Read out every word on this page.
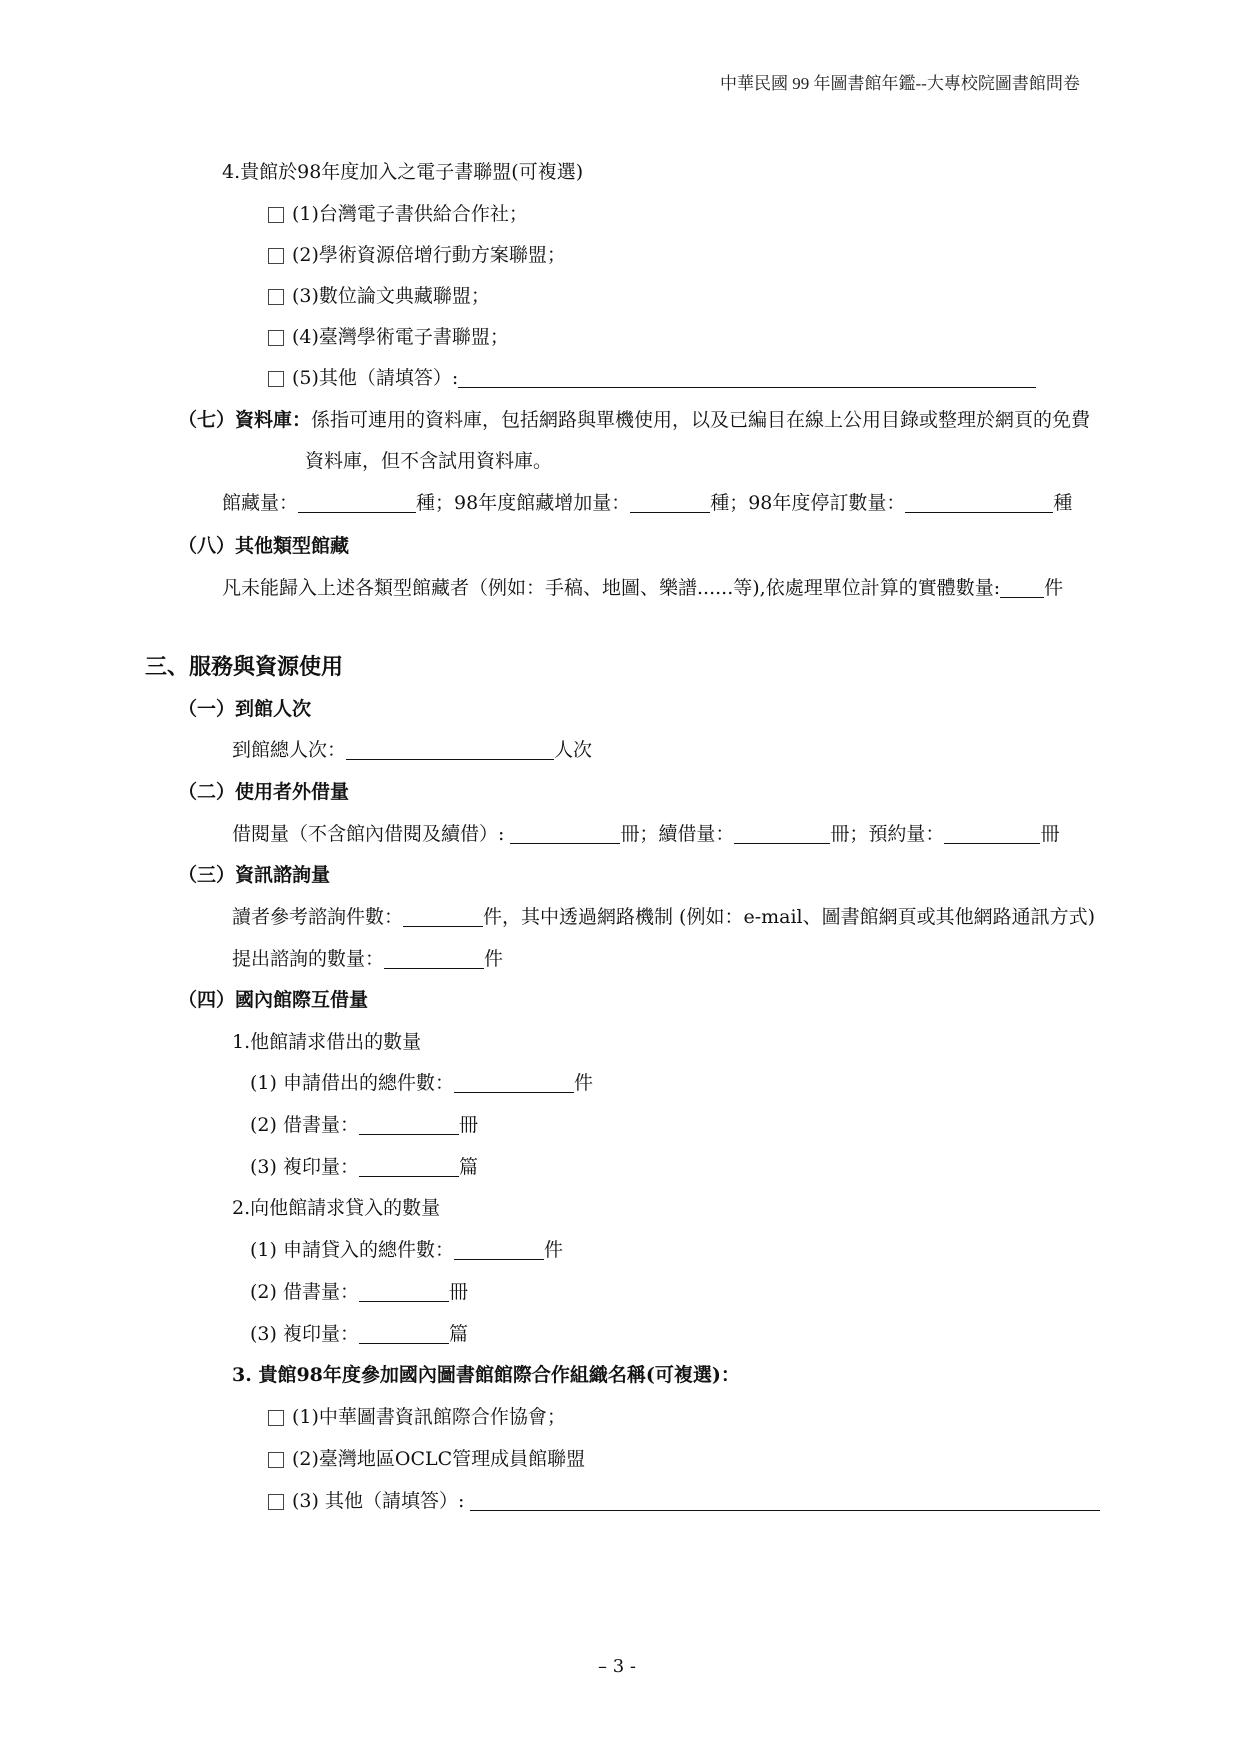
中華民國 99 年圖書館年鑑--大專校院圖書館問卷
4.貴館於98年度加入之電子書聯盟(可複選)
(1)台灣電子書供給合作社；
(2)學術資源倍增行動方案聯盟；
(3)數位論文典藏聯盟；
(4)臺灣學術電子書聯盟；
(5)其他（請填答）:
（七）資料庫：係指可連用的資料庫，包括網路與單機使用，以及已編目在線上公用目錄或整理於網頁的免費
資料庫，但不含試用資料庫。
館藏量：	種；98年度館藏增加量：	種；98年度停訂數量：	種
（八）其他類型館藏
凡未能歸入上述各類型館藏者（例如：手稿、地圖、樂譜......等),依處理單位計算的實體數量: 件
三、服務與資源使用
（一）到館人次
到館總人次：	人次
（二）使用者外借量
借閱量（不含館內借閱及續借）:	冊；續借量：	冊；預約量：	冊
（三）資訊諮詢量
讀者參考諮詢件數：	件，其中透過網路機制 (例如：e-mail、圖書館網頁或其他網路通訊方式)
提出諮詢的數量：	件
（四）國內館際互借量
1.他館請求借出的數量
(1) 申請借出的總件數：	件
(2) 借書量：	冊
(3) 複印量：	篇
2.向他館請求貸入的數量
(1) 申請貸入的總件數：	件
(2) 借書量：	冊
(3) 複印量：	篇
3. 貴館98年度參加國內圖書館館際合作組織名稱(可複選)：
(1)中華圖書資訊館際合作協會；
(2)臺灣地區OCLC管理成員館聯盟
(3) 其他（請填答）:
– 3 -
